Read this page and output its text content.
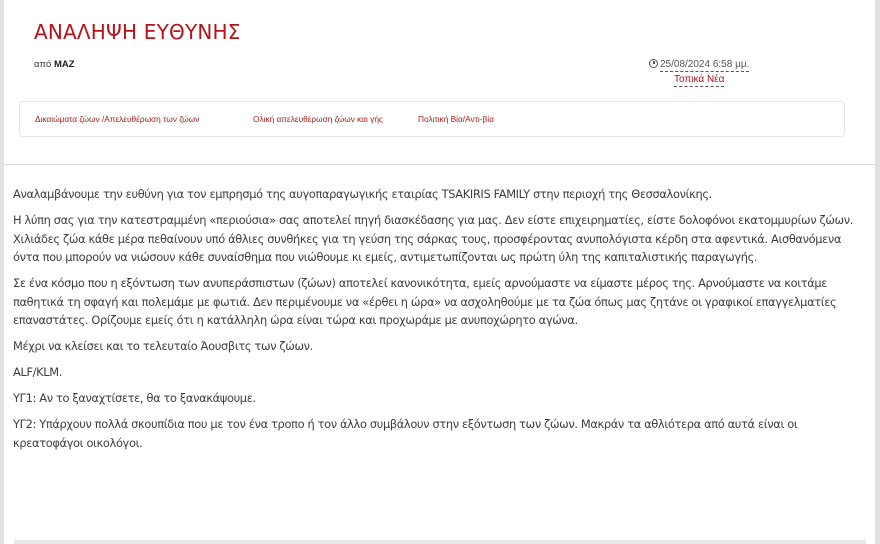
ΑΝΑΛΗΨΗ ΕΥΘΥΝΗΣ
από MAZ	25/08/2024 6:58 μμ.
Τοπικά Νέα
Δικαιώματα ζώων /Απελευθέρωση των ζώων	Ολική απελευθέρωση ζώων και γής	Πολιτική Βία/Αντι-βία

Αναλαμβάνουμε την ευθύνη για τον εμπρησμό της αυγοπαραγωγικής εταιρίας TSAKIRIS FAMILY στην περιοχή της Θεσσαλονίκης.

Η λύπη σας για την κατεστραμμένη «περιούσια» σας αποτελεί πηγή διασκέδασης για μας. Δεν είστε επιχειρηματίες, είστε δολοφόνοι εκατομμυρίων ζώων. Χιλιάδες ζώα κάθε μέρα πεθαίνουν υπό άθλιες συνθήκες για τη γεύση της σάρκας τους, προσφέροντας ανυπολόγιστα κέρδη στα αφεντικά. Αισθανόμενα όντα που μπορούν να νιώσουν κάθε συναίσθημα που νιώθουμε κι εμείς, αντιμετωπίζονται ως πρώτη ύλη της καπιταλιστικής παραγωγής.

Σε ένα κόσμο που η εξόντωση των ανυπεράσπιστων (ζώων) αποτελεί κανονικότητα, εμείς αρνούμαστε να είμαστε μέρος της. Αρνούμαστε να κοιτάμε παθητικά τη σφαγή και πολεμάμε με φωτιά. Δεν περιμένουμε να «έρθει η ώρα» να ασχοληθούμε με τα ζώα όπως μας ζητάνε οι γραφικοί επαγγελματίες επαναστάτες. Ορίζουμε εμείς ότι η κατάλληλη ώρα είναι τώρα και προχωράμε με ανυποχώρητο αγώνα.

Μέχρι να κλείσει και το τελευταίο Άουσβιτς των ζώων.

ALF/KLM.

ΥΓ1: Αν το ξαναχτίσετε, θα το ξανακάψουμε.

ΥΓ2: Υπάρχουν πολλά σκουπίδια που με τον ένα τροπο ή τον άλλο συμβάλουν στην εξόντωση των ζώων. Μακράν τα αθλιότερα από αυτά είναι οι κρεατοφάγοι οικολόγοι.
